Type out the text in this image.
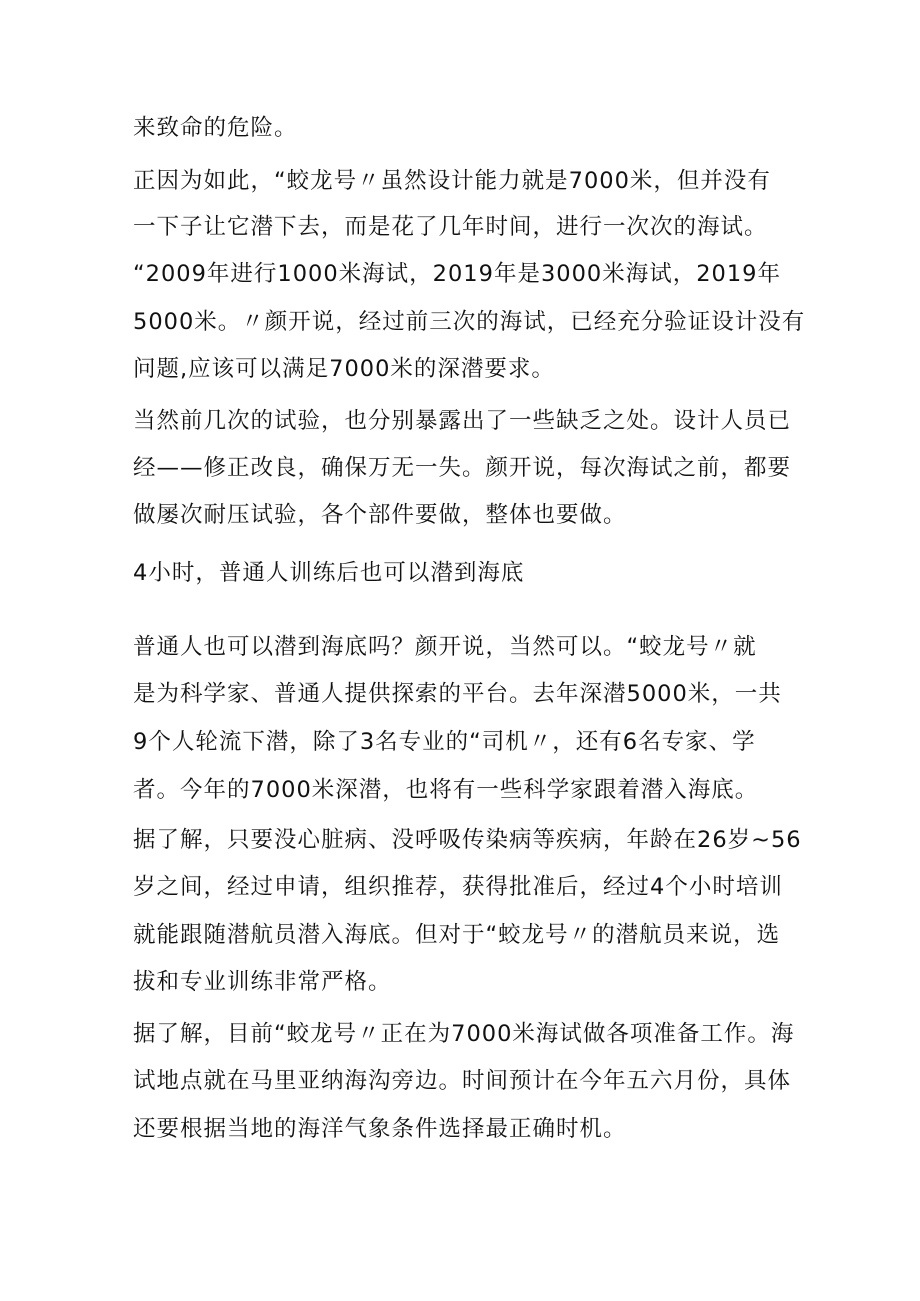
来致命的危险。
正因为如此，“蛟龙号〃虽然设计能力就是7000米，但并没有
一下子让它潜下去，而是花了几年时间，进行一次次的海试。
“2009年进行1000米海试，2019年是3000米海试，2019年
5000米。〃颜开说，经过前三次的海试，已经充分验证设计没有
问题,应该可以满足7000米的深潜要求。
当然前几次的试验，也分别暴露出了一些缺乏之处。设计人员已
经——修正改良，确保万无一失。颜开说，每次海试之前，都要
做屡次耐压试验，各个部件要做，整体也要做。
4小时，普通人训练后也可以潜到海底
普通人也可以潜到海底吗？颜开说，当然可以。“蛟龙号〃就
是为科学家、普通人提供探索的平台。去年深潜5000米，一共
9个人轮流下潜，除了3名专业的“司机〃，还有6名专家、学
者。今年的7000米深潜，也将有一些科学家跟着潜入海底。
据了解，只要没心脏病、没呼吸传染病等疾病，年龄在26岁~56
岁之间，经过申请，组织推荐，获得批准后，经过4个小时培训
就能跟随潜航员潜入海底。但对于“蛟龙号〃的潜航员来说，选
拔和专业训练非常严格。
据了解，目前“蛟龙号〃正在为7000米海试做各项准备工作。海
试地点就在马里亚纳海沟旁边。时间预计在今年五六月份，具体
还要根据当地的海洋气象条件选择最正确时机。
